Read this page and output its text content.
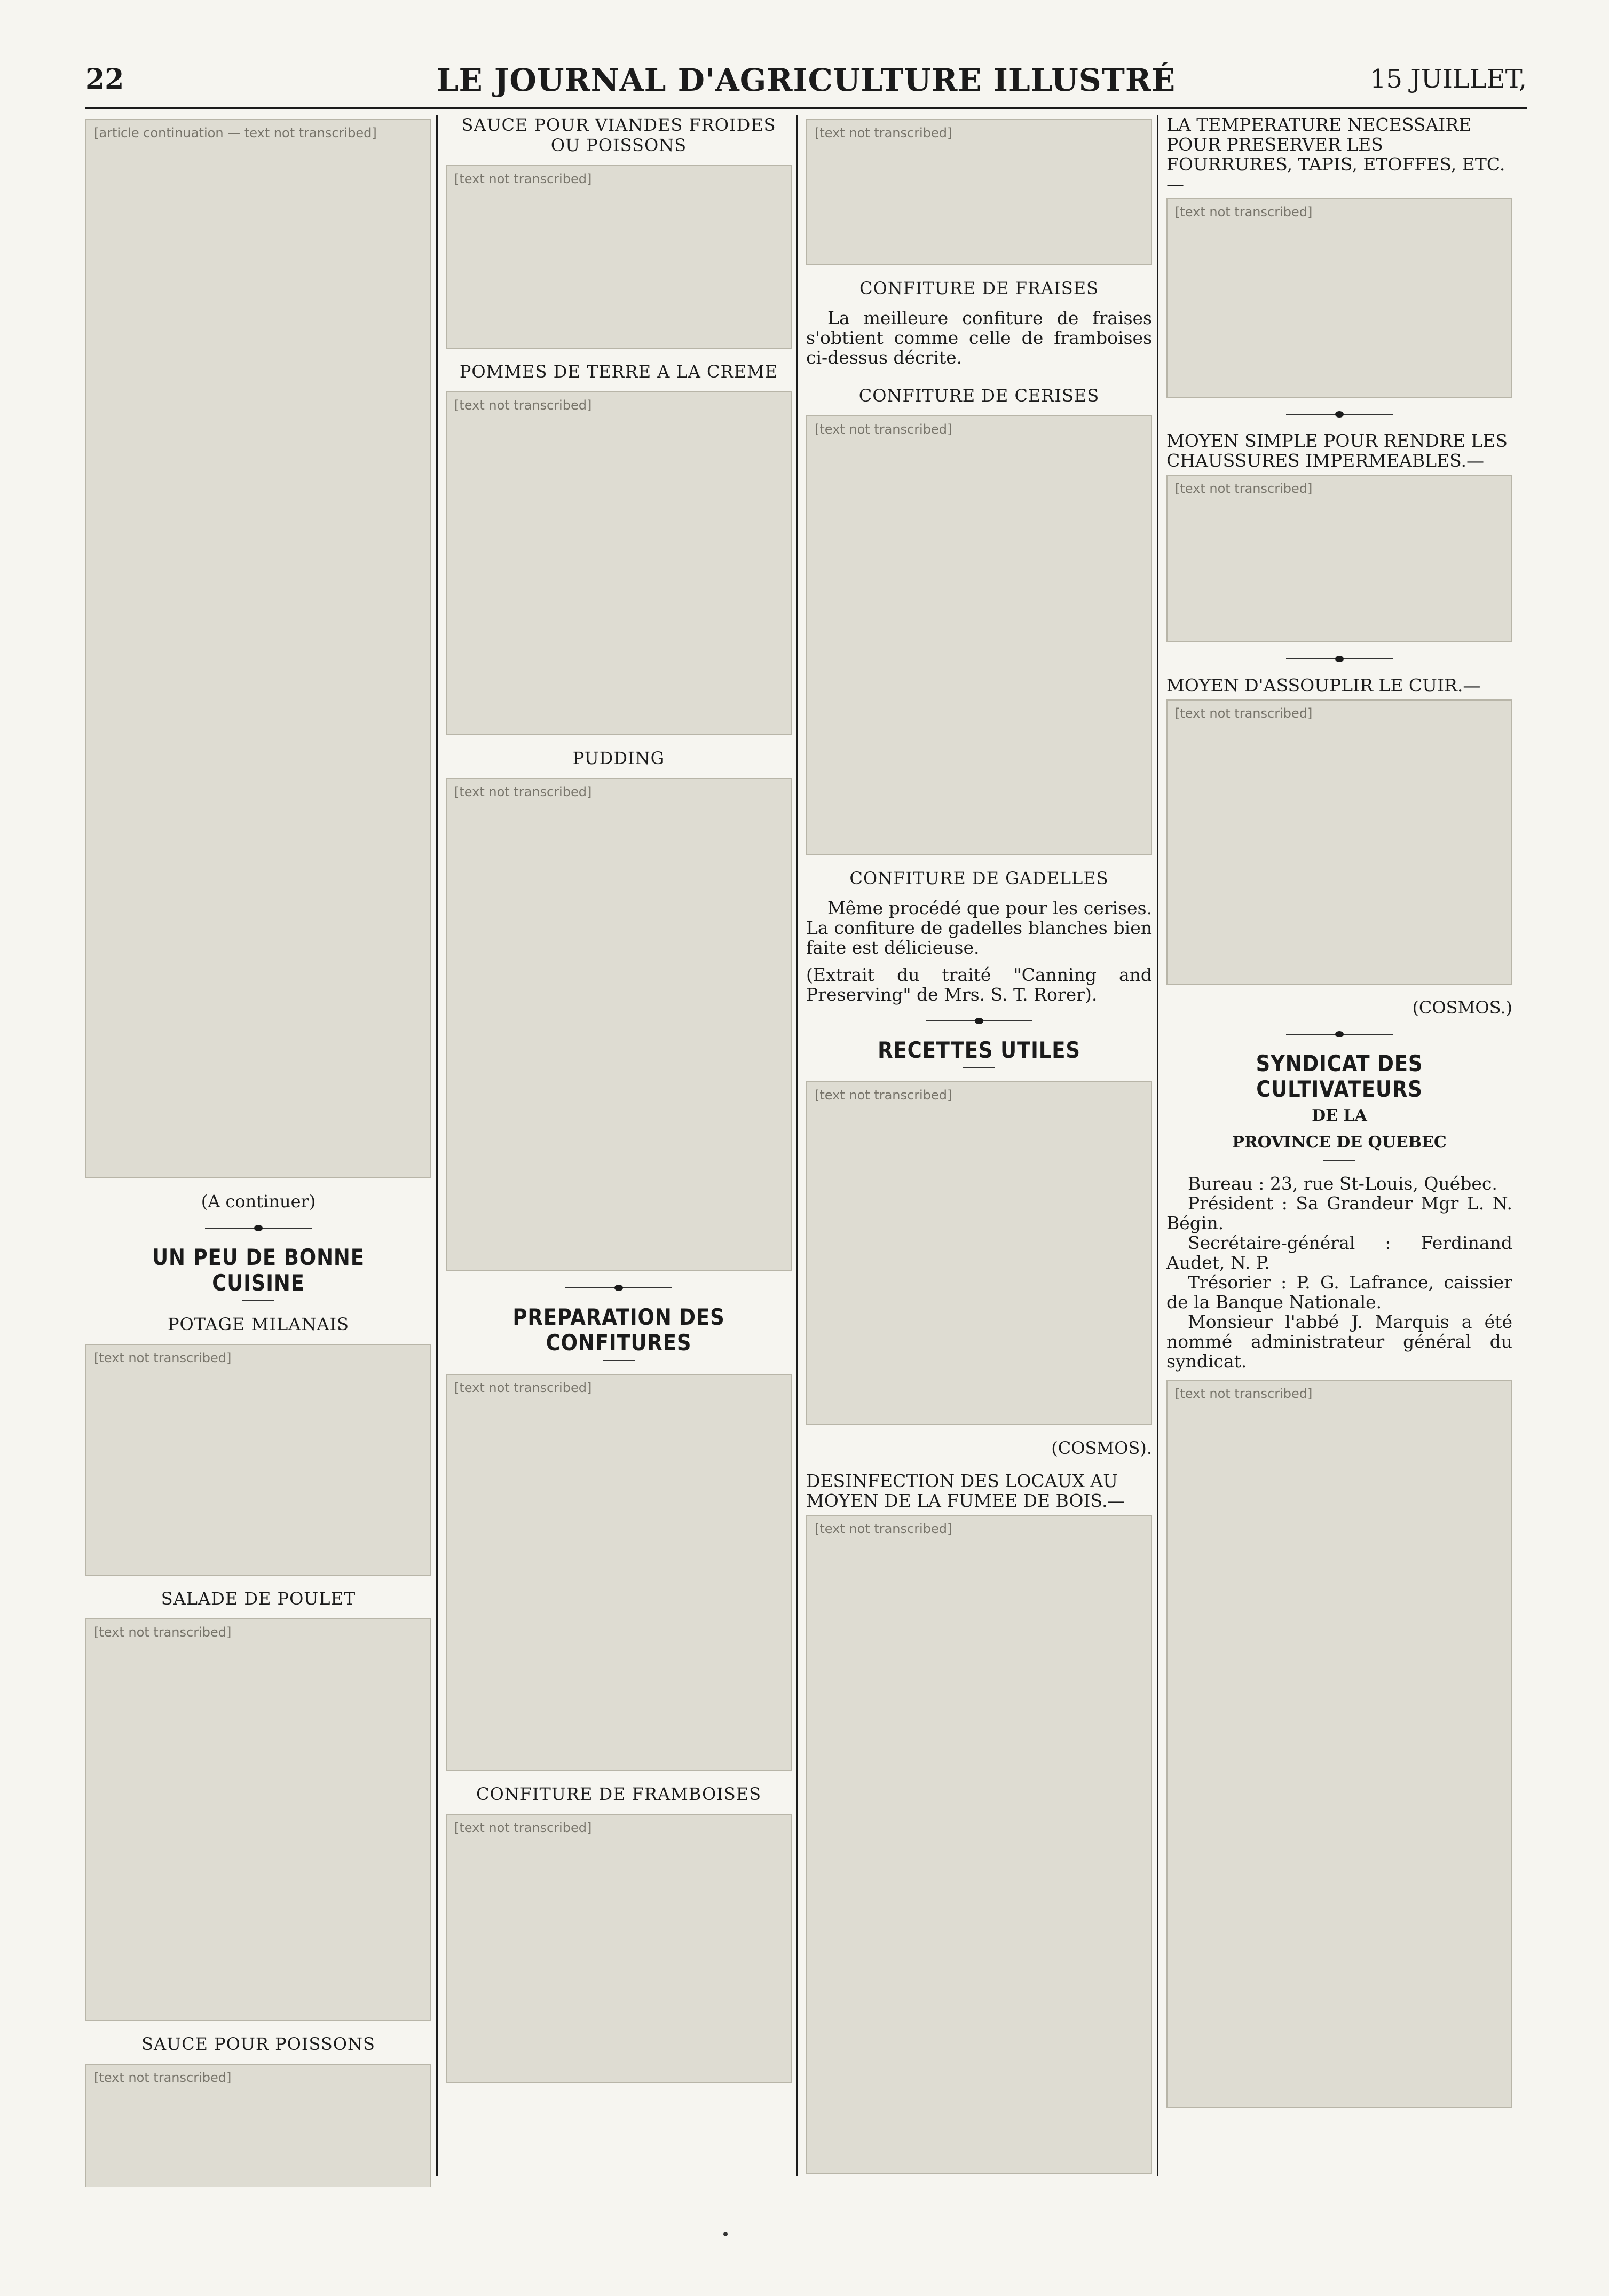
22	LE JOURNAL D'AGRICULTURE ILLUSTRÉ	15 JUILLET,
[article continuation — text not transcribed]
(A continuer)
UN PEU DE BONNE CUISINE
POTAGE MILANAIS
[text not transcribed]
SALADE DE POULET
[text not transcribed]
SAUCE POUR POISSONS
[text not transcribed]
SAUCE POUR VIANDES FROIDES OU POISSONS
[text not transcribed]
POMMES DE TERRE A LA CREME
[text not transcribed]
PUDDING
[text not transcribed]
PREPARATION DES CONFITURES
[text not transcribed]
CONFITURE DE FRAMBOISES
[text not transcribed]
[text not transcribed]
CONFITURE DE FRAISES

La meilleure confiture de fraises s'obtient comme celle de framboises ci-dessus décrite.

CONFITURE DE CERISES
[text not transcribed]
CONFITURE DE GADELLES

Même procédé que pour les cerises. La confiture de gadelles blanches bien faite est délicieuse.

(Extrait du traité "Canning and Preserving" de Mrs. S. T. Rorer).

RECETTES UTILES
[text not transcribed]
(COSMOS).

DESINFECTION DES LOCAUX AU MOYEN DE LA FUMEE DE BOIS.—

[text not transcribed]

LA TEMPERATURE NECESSAIRE POUR PRESERVER LES FOURRURES, TAPIS, ETOFFES, ETC.—

[text not transcribed]

MOYEN SIMPLE POUR RENDRE LES CHAUSSURES IMPERMEABLES.—

[text not transcribed]

MOYEN D'ASSOUPLIR LE CUIR.—

[text not transcribed]
(COSMOS.)
SYNDICAT DES CULTIVATEURS
DE LA
PROVINCE DE QUEBEC

Bureau : 23, rue St-Louis, Québec.

Président : Sa Grandeur Mgr L. N. Bégin.

Secrétaire-général : Ferdinand Audet, N. P.

Trésorier : P. G. Lafrance, caissier de la Banque Nationale.

Monsieur l'abbé J. Marquis a été nommé administrateur général du syndicat.

[text not transcribed]
